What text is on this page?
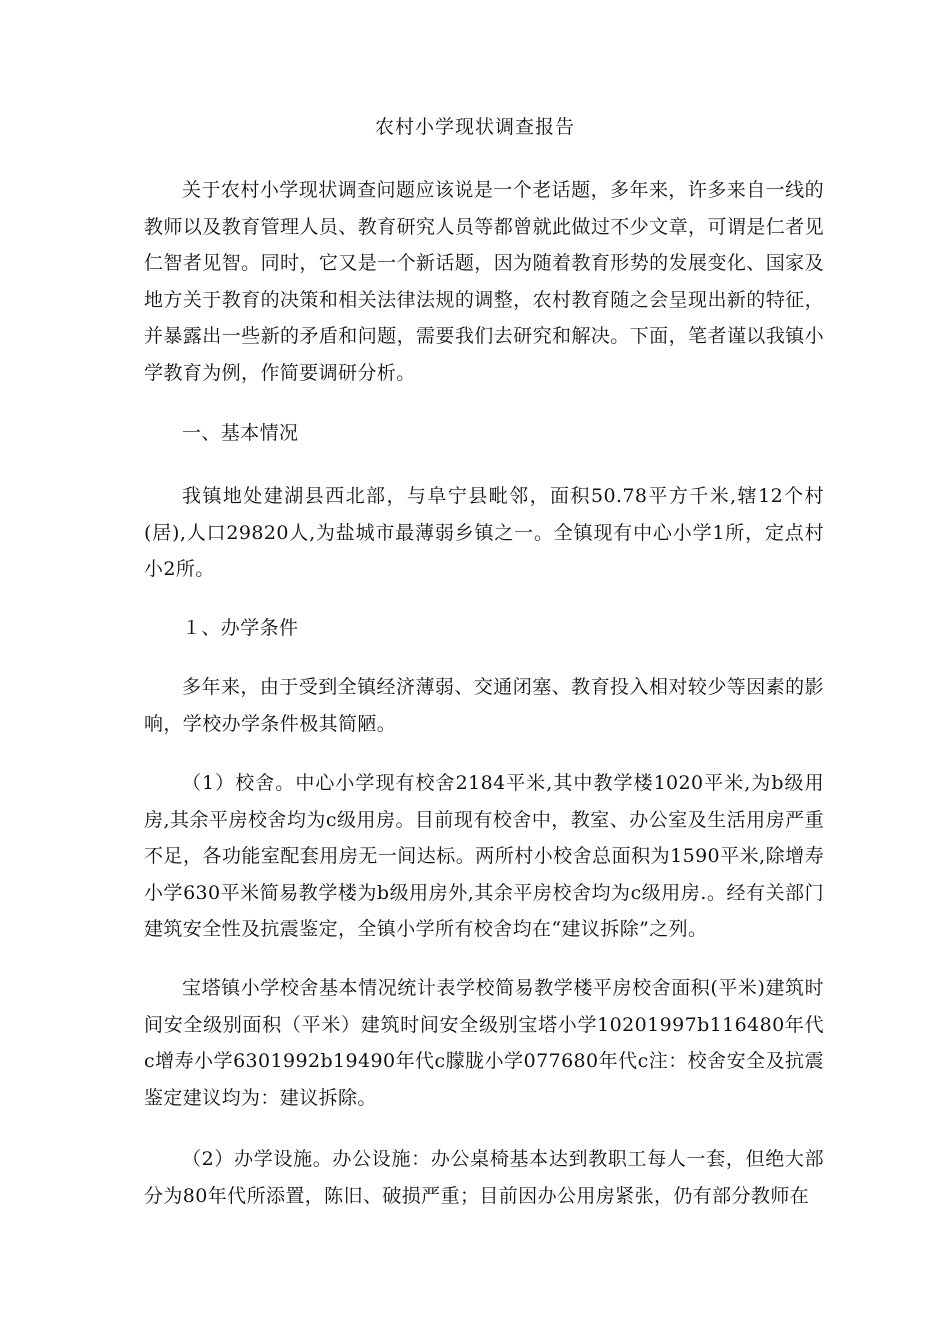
农村小学现状调查报告

关于农村小学现状调查问题应该说是一个老话题，多年来，许多来自一线的教师以及教育管理人员、教育研究人员等都曾就此做过不少文章，可谓是仁者见仁智者见智。同时，它又是一个新话题，因为随着教育形势的发展变化、国家及地方关于教育的决策和相关法律法规的调整，农村教育随之会呈现出新的特征，并暴露出一些新的矛盾和问题，需要我们去研究和解决。下面，笔者谨以我镇小学教育为例，作简要调研分析。

一、基本情况

我镇地处建湖县西北部，与阜宁县毗邻，面积50.78平方千米,辖12个村(居),人口29820人,为盐城市最薄弱乡镇之一。全镇现有中心小学1所，定点村小2所。

１、办学条件

多年来，由于受到全镇经济薄弱、交通闭塞、教育投入相对较少等因素的影响，学校办学条件极其简陋。

（1）校舍。中心小学现有校舍2184平米,其中教学楼1020平米,为b级用房,其余平房校舍均为c级用房。目前现有校舍中，教室、办公室及生活用房严重不足，各功能室配套用房无一间达标。两所村小校舍总面积为1590平米,除增寿小学630平米简易教学楼为b级用房外,其余平房校舍均为c级用房.。经有关部门建筑安全性及抗震鉴定，全镇小学所有校舍均在“建议拆除”之列。

宝塔镇小学校舍基本情况统计表学校简易教学楼平房校舍面积(平米)建筑时间安全级别面积（平米）建筑时间安全级别宝塔小学10201997b116480年代c增寿小学6301992b19490年代c朦胧小学077680年代c注：校舍安全及抗震鉴定建议均为：建议拆除。

（2）办学设施。办公设施：办公桌椅基本达到教职工每人一套，但绝大部分为80年代所添置，陈旧、破损严重；目前因办公用房紧张，仍有部分教师在
